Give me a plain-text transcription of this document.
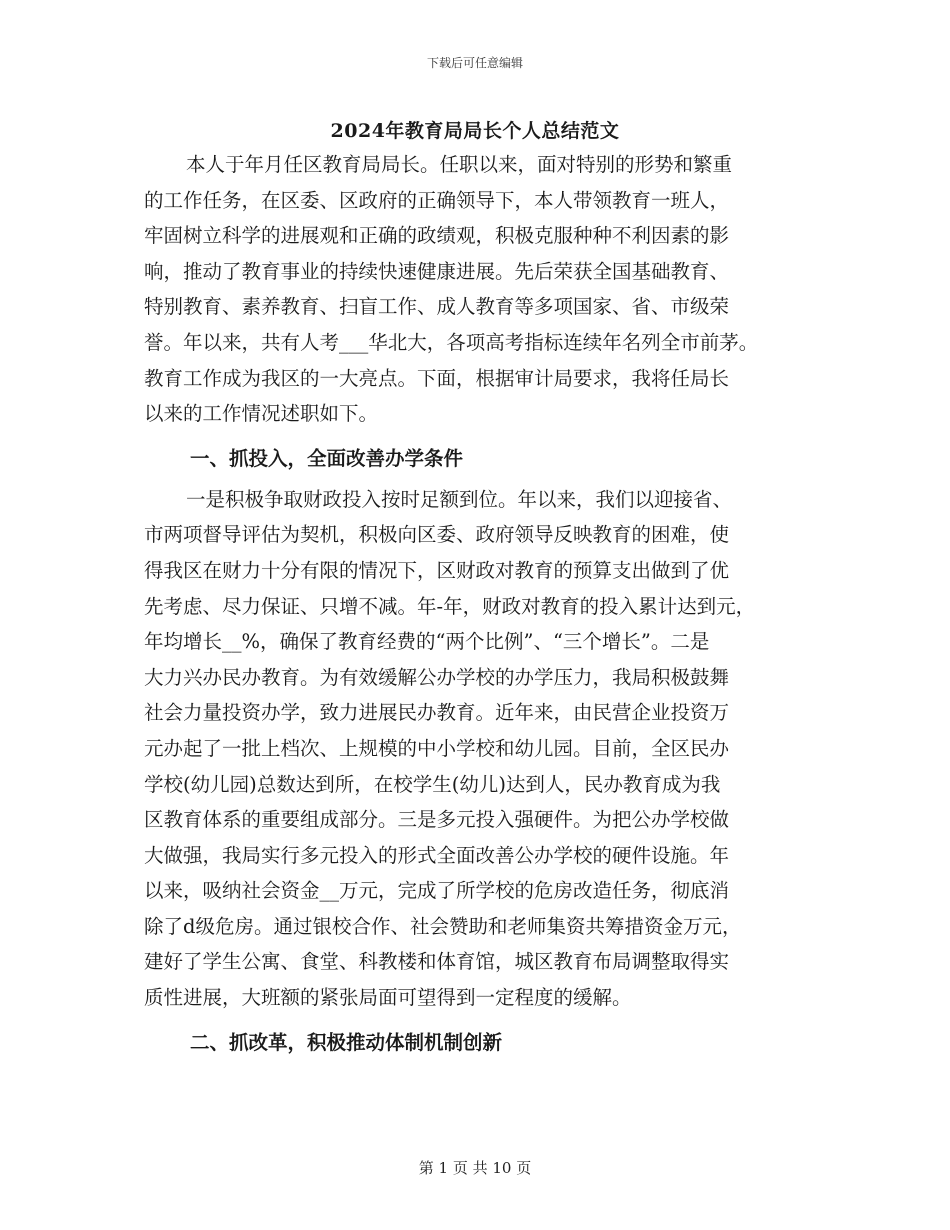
下载后可任意编辑
2024年教育局局长个人总结范文
本人于年月任区教育局局长。任职以来，面对特别的形势和繁重
的工作任务，在区委、区政府的正确领导下，本人带领教育一班人，
牢固树立科学的进展观和正确的政绩观，积极克服种种不利因素的影
响，推动了教育事业的持续快速健康进展。先后荣获全国基础教育、
特别教育、素养教育、扫盲工作、成人教育等多项国家、省、市级荣
誉。年以来，共有人考___华北大，各项高考指标连续年名列全市前茅。
教育工作成为我区的一大亮点。下面，根据审计局要求，我将任局长
以来的工作情况述职如下。
一、抓投入，全面改善办学条件
一是积极争取财政投入按时足额到位。年以来，我们以迎接省、
市两项督导评估为契机，积极向区委、政府领导反映教育的困难，使
得我区在财力十分有限的情况下，区财政对教育的预算支出做到了优
先考虑、尽力保证、只增不减。年-年，财政对教育的投入累计达到元，
年均增长__%，确保了教育经费的“两个比例”、“三个增长”。二是
大力兴办民办教育。为有效缓解公办学校的办学压力，我局积极鼓舞
社会力量投资办学，致力进展民办教育。近年来，由民营企业投资万
元办起了一批上档次、上规模的中小学校和幼儿园。目前，全区民办
学校(幼儿园)总数达到所，在校学生(幼儿)达到人，民办教育成为我
区教育体系的重要组成部分。三是多元投入强硬件。为把公办学校做
大做强，我局实行多元投入的形式全面改善公办学校的硬件设施。年
以来，吸纳社会资金__万元，完成了所学校的危房改造任务，彻底消
除了d级危房。通过银校合作、社会赞助和老师集资共筹措资金万元，
建好了学生公寓、食堂、科教楼和体育馆，城区教育布局调整取得实
质性进展，大班额的紧张局面可望得到一定程度的缓解。
二、抓改革，积极推动体制机制创新
第 1 页 共 10 页
